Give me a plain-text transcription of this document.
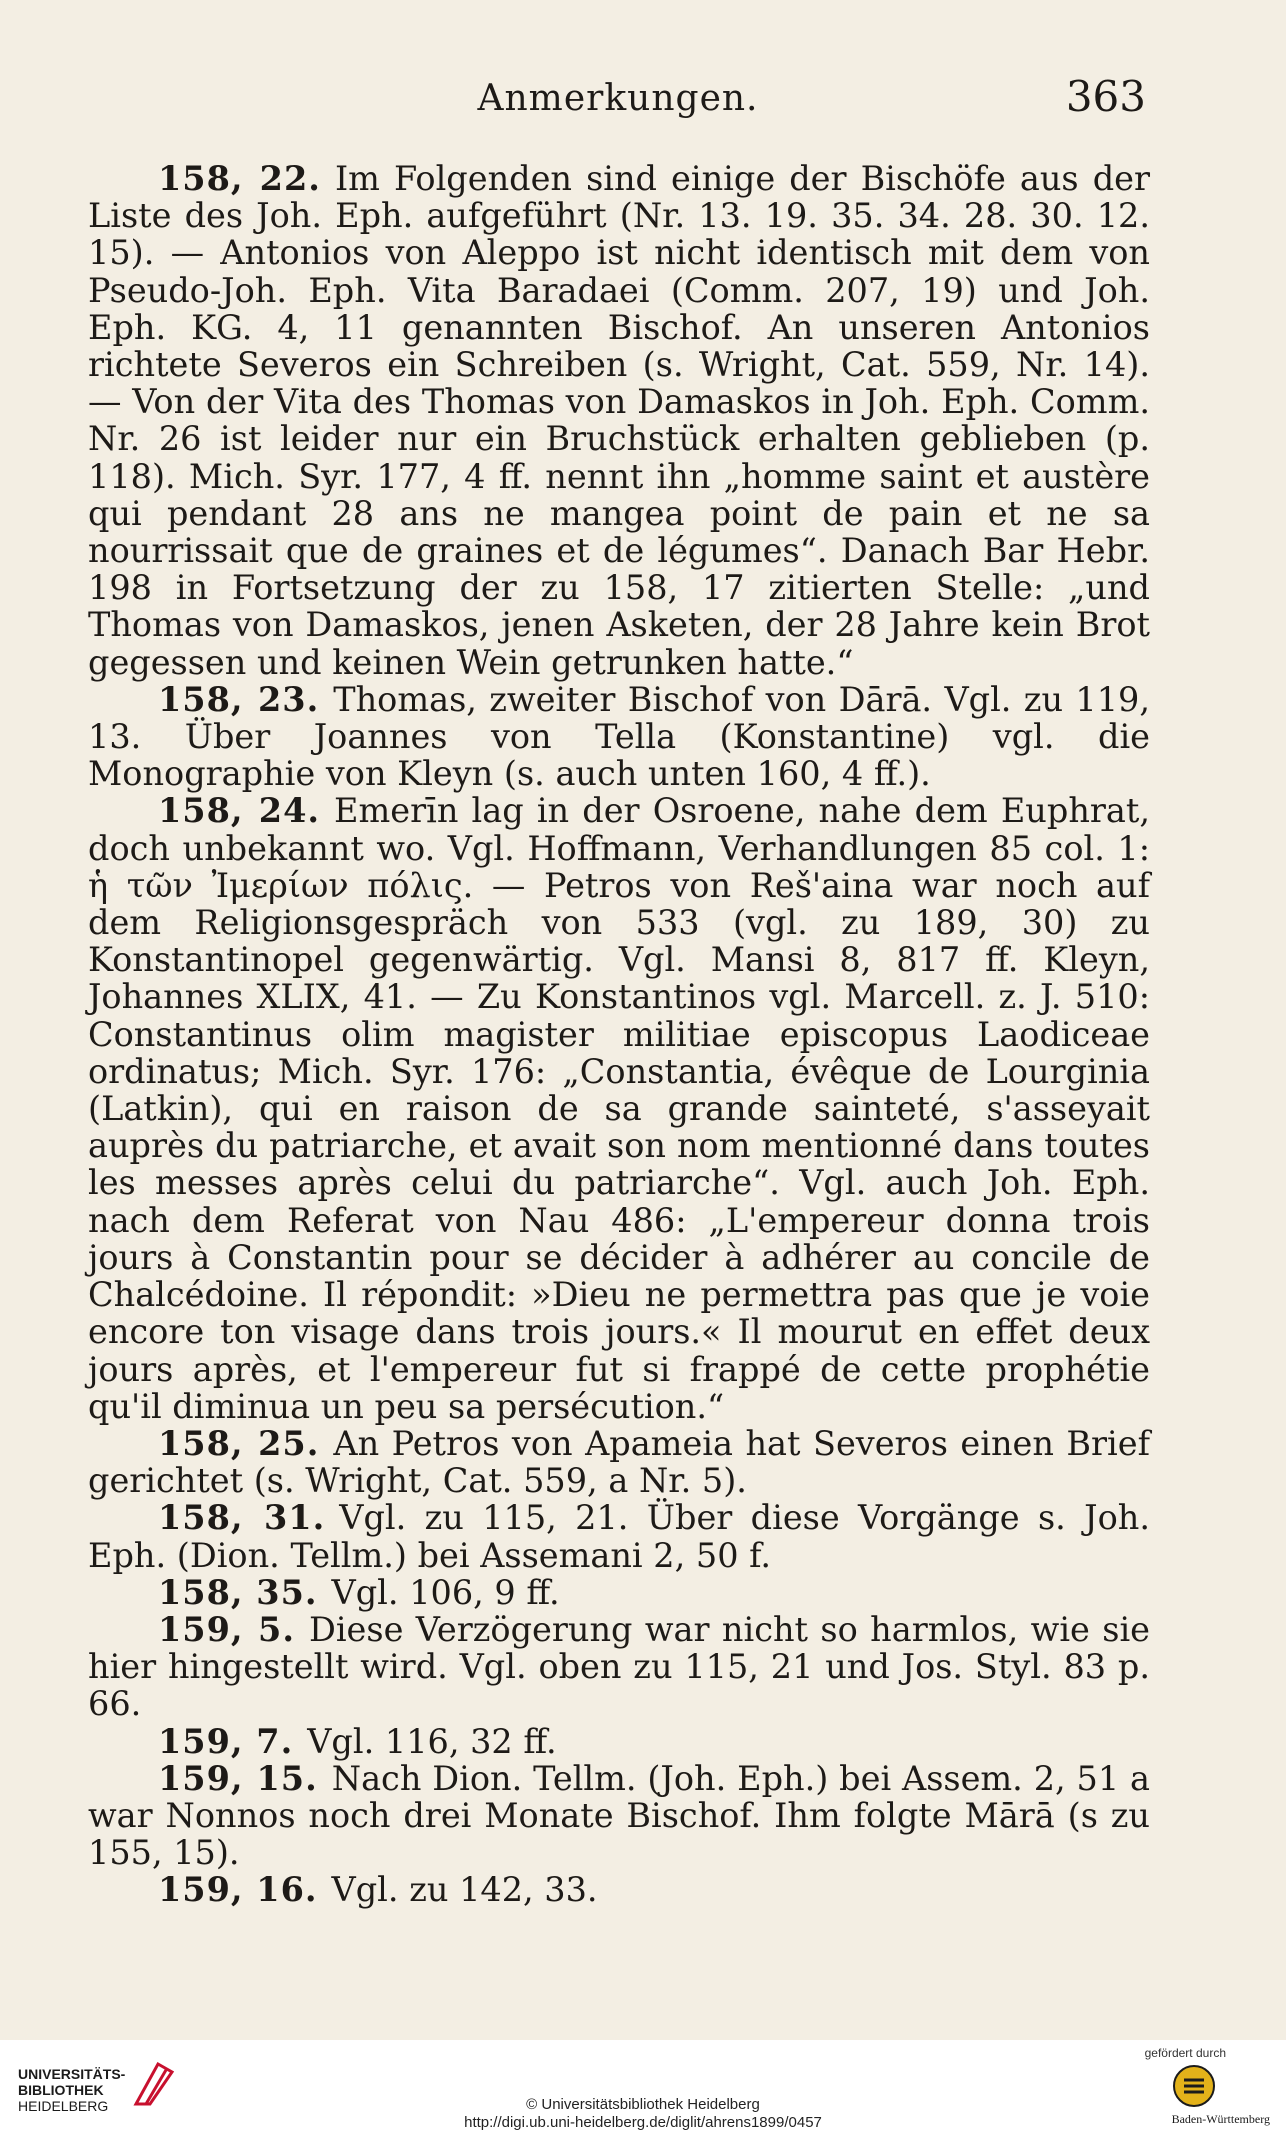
Anmerkungen.	363

158, 22. Im Folgenden sind einige der Bischöfe aus der Liste des Joh. Eph. aufgeführt (Nr. 13. 19. 35. 34. 28. 30. 12. 15). — Antonios von Aleppo ist nicht identisch mit dem von Pseudo-Joh. Eph. Vita Baradaei (Comm. 207, 19) und Joh. Eph. KG. 4, 11 genannten Bischof. An unseren Antonios richtete Severos ein Schreiben (s. Wright, Cat. 559, Nr. 14). — Von der Vita des Thomas von Damaskos in Joh. Eph. Comm. Nr. 26 ist leider nur ein Bruchstück erhalten geblieben (p. 118). Mich. Syr. 177, 4 ff. nennt ihn „homme saint et austère qui pendant 28 ans ne mangea point de pain et ne sa nourrissait que de graines et de légumes“. Danach Bar Hebr. 198 in Fortsetzung der zu 158, 17 zitierten Stelle: „und Thomas von Damaskos, jenen Asketen, der 28 Jahre kein Brot gegessen und keinen Wein getrunken hatte.“

158, 23. Thomas, zweiter Bischof von Dārā. Vgl. zu 119, 13. Über Joannes von Tella (Konstantine) vgl. die Monographie von Kleyn (s. auch unten 160, 4 ff.).

158, 24. Emerīn lag in der Osroene, nahe dem Euphrat, doch unbekannt wo. Vgl. Hoffmann, Verhandlungen 85 col. 1: ἡ τῶν Ἰμερίων πόλις. — Petros von Reš'aina war noch auf dem Religionsgespräch von 533 (vgl. zu 189, 30) zu Konstantinopel gegenwärtig. Vgl. Mansi 8, 817 ff. Kleyn, Johannes XLIX, 41. — Zu Konstantinos vgl. Marcell. z. J. 510: Constantinus olim magister militiae episcopus Laodiceae ordinatus; Mich. Syr. 176: „Constantia, évêque de Lourginia (Latkin), qui en raison de sa grande sainteté, s'asseyait auprès du patriarche, et avait son nom mentionné dans toutes les messes après celui du patriarche“. Vgl. auch Joh. Eph. nach dem Referat von Nau 486: „L'empereur donna trois jours à Constantin pour se décider à adhérer au concile de Chalcédoine. Il répondit: »Dieu ne permettra pas que je voie encore ton visage dans trois jours.« Il mourut en effet deux jours après, et l'empereur fut si frappé de cette prophétie qu'il diminua un peu sa persécution.“

158, 25. An Petros von Apameia hat Severos einen Brief gerichtet (s. Wright, Cat. 559, a Nr. 5).

158, 31. Vgl. zu 115, 21. Über diese Vorgänge s. Joh. Eph. (Dion. Tellm.) bei Assemani 2, 50 f.

158, 35. Vgl. 106, 9 ff.

159, 5. Diese Verzögerung war nicht so harmlos, wie sie hier hingestellt wird. Vgl. oben zu 115, 21 und Jos. Styl. 83 p. 66.

159, 7. Vgl. 116, 32 ff.

159, 15. Nach Dion. Tellm. (Joh. Eph.) bei Assem. 2, 51 a war Nonnos noch drei Monate Bischof. Ihm folgte Mārā (s zu 155, 15).

159, 16. Vgl. zu 142, 33.

UNIVERSITÄTS-
BIBLIOTHEK
HEIDELBERG	© Universitätsbibliothek Heidelberg
http://digi.ub.uni-heidelberg.de/diglit/ahrens1899/0457
gefördert durch
Baden-Württemberg
